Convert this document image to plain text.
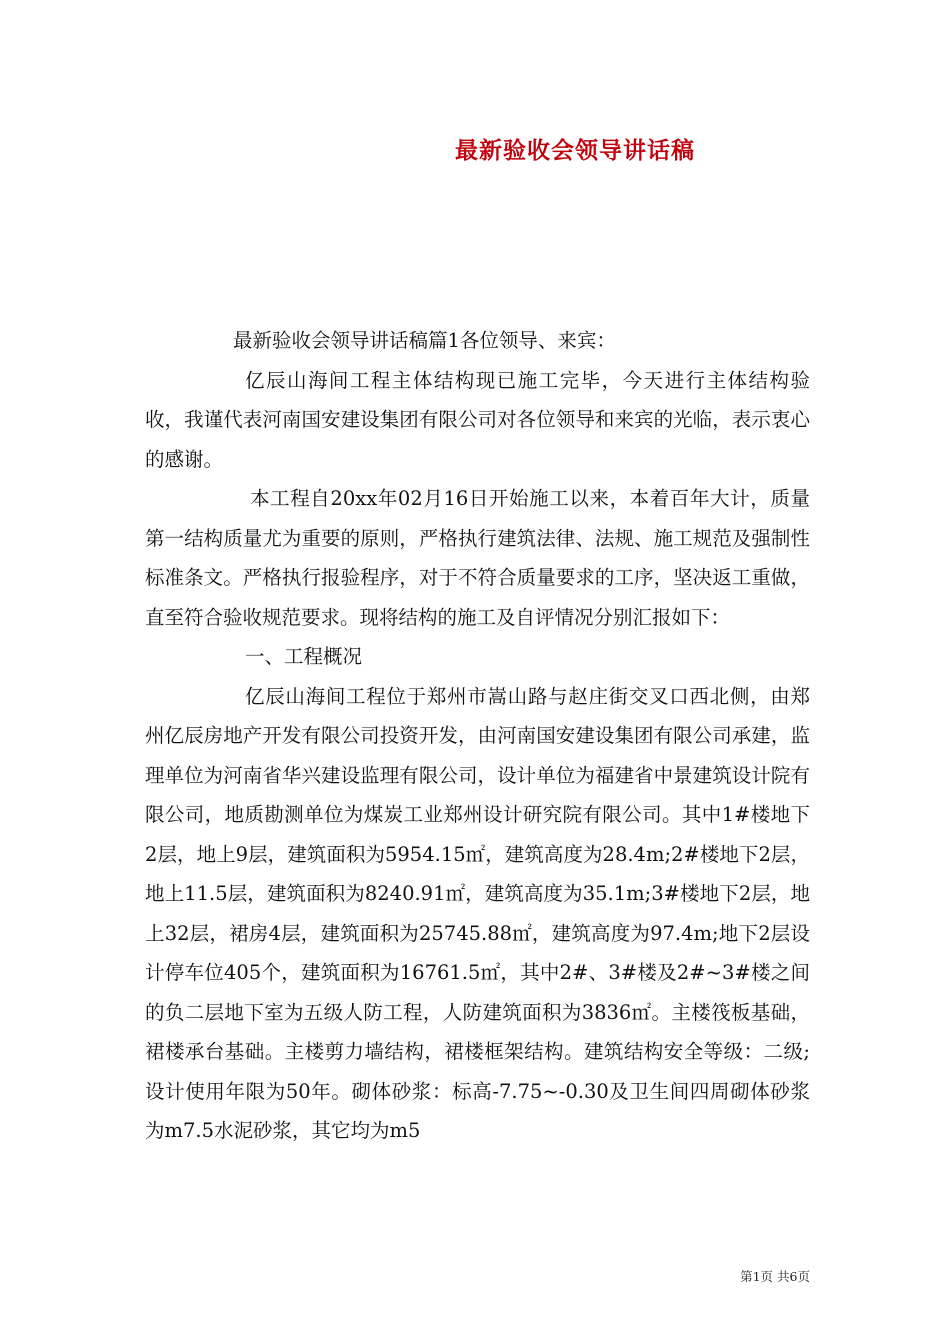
最新验收会领导讲话稿

最新验收会领导讲话稿篇1各位领导、来宾：

亿辰山海间工程主体结构现已施工完毕，今天进行主体结构验收，我谨代表河南国安建设集团有限公司对各位领导和来宾的光临，表示衷心的感谢。

本工程自20xx年02月16日开始施工以来，本着百年大计，质量第一结构质量尤为重要的原则，严格执行建筑法律、法规、施工规范及强制性标准条文。严格执行报验程序，对于不符合质量要求的工序，坚决返工重做，直至符合验收规范要求。现将结构的施工及自评情况分别汇报如下：

一、工程概况

亿辰山海间工程位于郑州市嵩山路与赵庄街交叉口西北侧，由郑州亿辰房地产开发有限公司投资开发，由河南国安建设集团有限公司承建，监理单位为河南省华兴建设监理有限公司，设计单位为福建省中景建筑设计院有限公司，地质勘测单位为煤炭工业郑州设计研究院有限公司。其中1#楼地下2层，地上9层，建筑面积为5954.15㎡，建筑高度为28.4m;2#楼地下2层，地上11.5层，建筑面积为8240.91㎡，建筑高度为35.1m;3#楼地下2层，地上32层，裙房4层，建筑面积为25745.88㎡，建筑高度为97.4m;地下2层设计停车位405个，建筑面积为16761.5㎡，其中2#、3#楼及2#~3#楼之间的负二层地下室为五级人防工程，人防建筑面积为3836㎡。主楼筏板基础，裙楼承台基础。主楼剪力墙结构，裙楼框架结构。建筑结构安全等级：二级;设计使用年限为50年。砌体砂浆：标高-7.75~-0.30及卫生间四周砌体砂浆为m7.5水泥砂浆，其它均为m5

第1页 共6页
